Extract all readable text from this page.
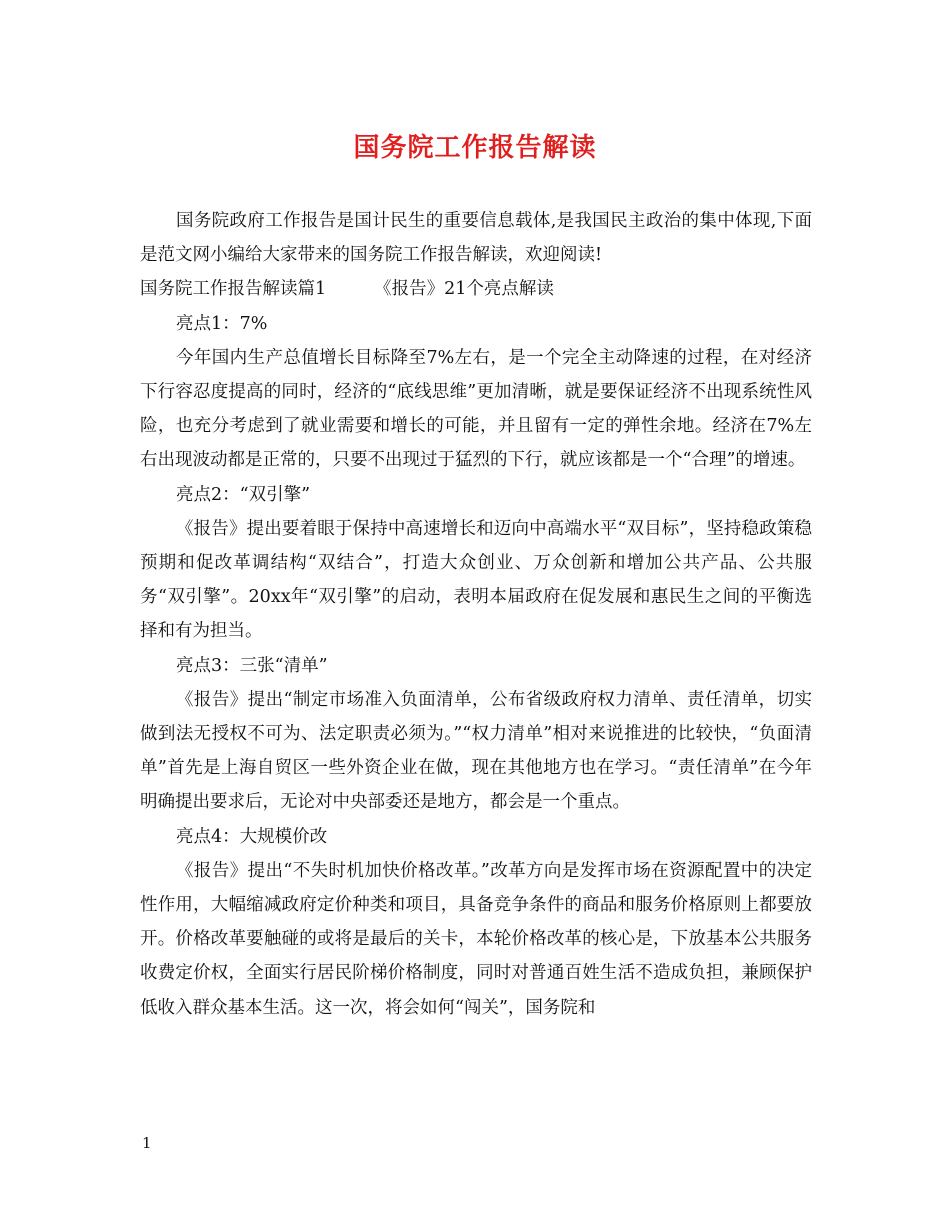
国务院工作报告解读

国务院政府工作报告是国计民生的重要信息载体,是我国民主政治的集中体现,下面是范文网小编给大家带来的国务院工作报告解读，欢迎阅读!

国务院工作报告解读篇1	《报告》21个亮点解读

亮点1：7%

今年国内生产总值增长目标降至7%左右，是一个完全主动降速的过程，在对经济下行容忍度提高的同时，经济的“底线思维”更加清晰，就是要保证经济不出现系统性风险，也充分考虑到了就业需要和增长的可能，并且留有一定的弹性余地。经济在7%左右出现波动都是正常的，只要不出现过于猛烈的下行，就应该都是一个“合理”的增速。

亮点2：“双引擎”

《报告》提出要着眼于保持中高速增长和迈向中高端水平“双目标”，坚持稳政策稳预期和促改革调结构“双结合”，打造大众创业、万众创新和增加公共产品、公共服务“双引擎”。20xx年“双引擎”的启动，表明本届政府在促发展和惠民生之间的平衡选择和有为担当。

亮点3：三张“清单”

《报告》提出“制定市场准入负面清单，公布省级政府权力清单、责任清单，切实做到法无授权不可为、法定职责必须为。”“权力清单”相对来说推进的比较快，“负面清单”首先是上海自贸区一些外资企业在做，现在其他地方也在学习。“责任清单”在今年明确提出要求后，无论对中央部委还是地方，都会是一个重点。

亮点4：大规模价改

《报告》提出“不失时机加快价格改革。”改革方向是发挥市场在资源配置中的决定性作用，大幅缩减政府定价种类和项目，具备竞争条件的商品和服务价格原则上都要放开。价格改革要触碰的或将是最后的关卡，本轮价格改革的核心是，下放基本公共服务收费定价权，全面实行居民阶梯价格制度，同时对普通百姓生活不造成负担，兼顾保护低收入群众基本生活。这一次，将会如何“闯关”，国务院和

1
